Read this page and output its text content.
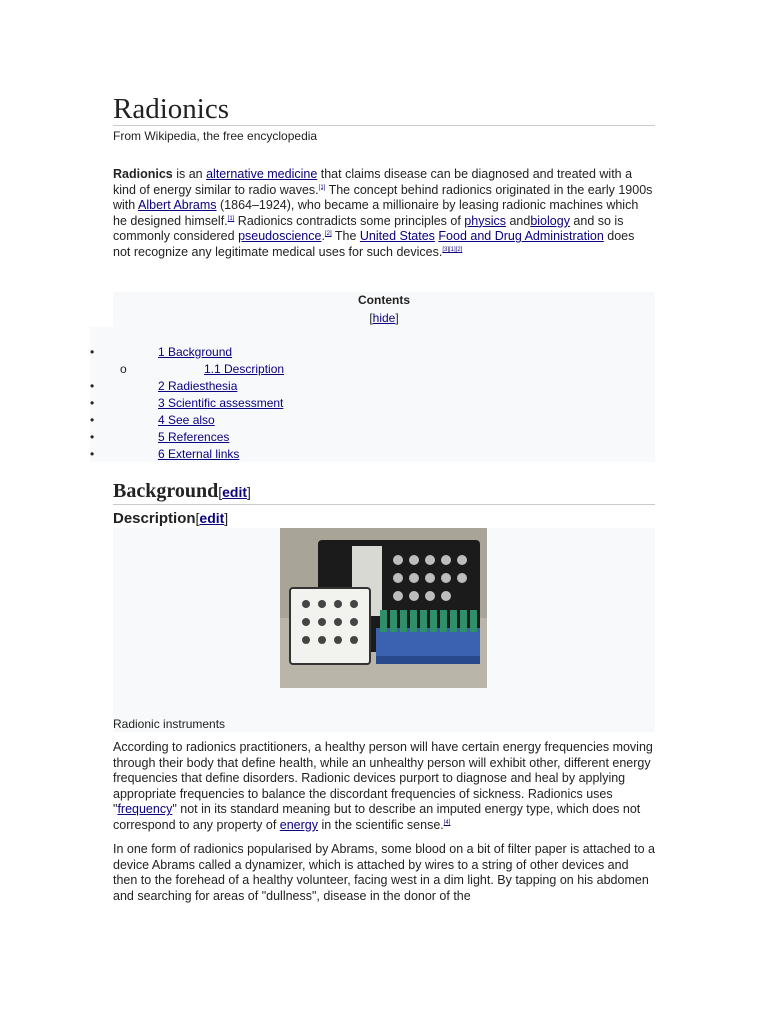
Radionics
From Wikipedia, the free encyclopedia

Radionics is an alternative medicine that claims disease can be diagnosed and treated with a kind of energy similar to radio waves.[1] The concept behind radionics originated in the early 1900s with Albert Abrams (1864–1924), who became a millionaire by leasing radionic machines which he designed himself.[1] Radionics contradicts some principles of physics andbiology and so is commonly considered pseudoscience.[2] The United States Food and Drug Administration does not recognize any legitimate medical uses for such devices.[3][1][2]

Contents
[hide]
•	1 Background
o	1.1 Description
•	2 Radiesthesia
•	3 Scientific assessment
•	4 See also
•	5 References
•	6 External links
Background[edit]
Description[edit]
Radionic instruments

According to radionics practitioners, a healthy person will have certain energy frequencies moving through their body that define health, while an unhealthy person will exhibit other, different energy frequencies that define disorders. Radionic devices purport to diagnose and heal by applying appropriate frequencies to balance the discordant frequencies of sickness. Radionics uses "frequency" not in its standard meaning but to describe an imputed energy type, which does not correspond to any property of energy in the scientific sense.[4]

In one form of radionics popularised by Abrams, some blood on a bit of filter paper is attached to a device Abrams called a dynamizer, which is attached by wires to a string of other devices and then to the forehead of a healthy volunteer, facing west in a dim light. By tapping on his abdomen and searching for areas of "dullness", disease in the donor of the
